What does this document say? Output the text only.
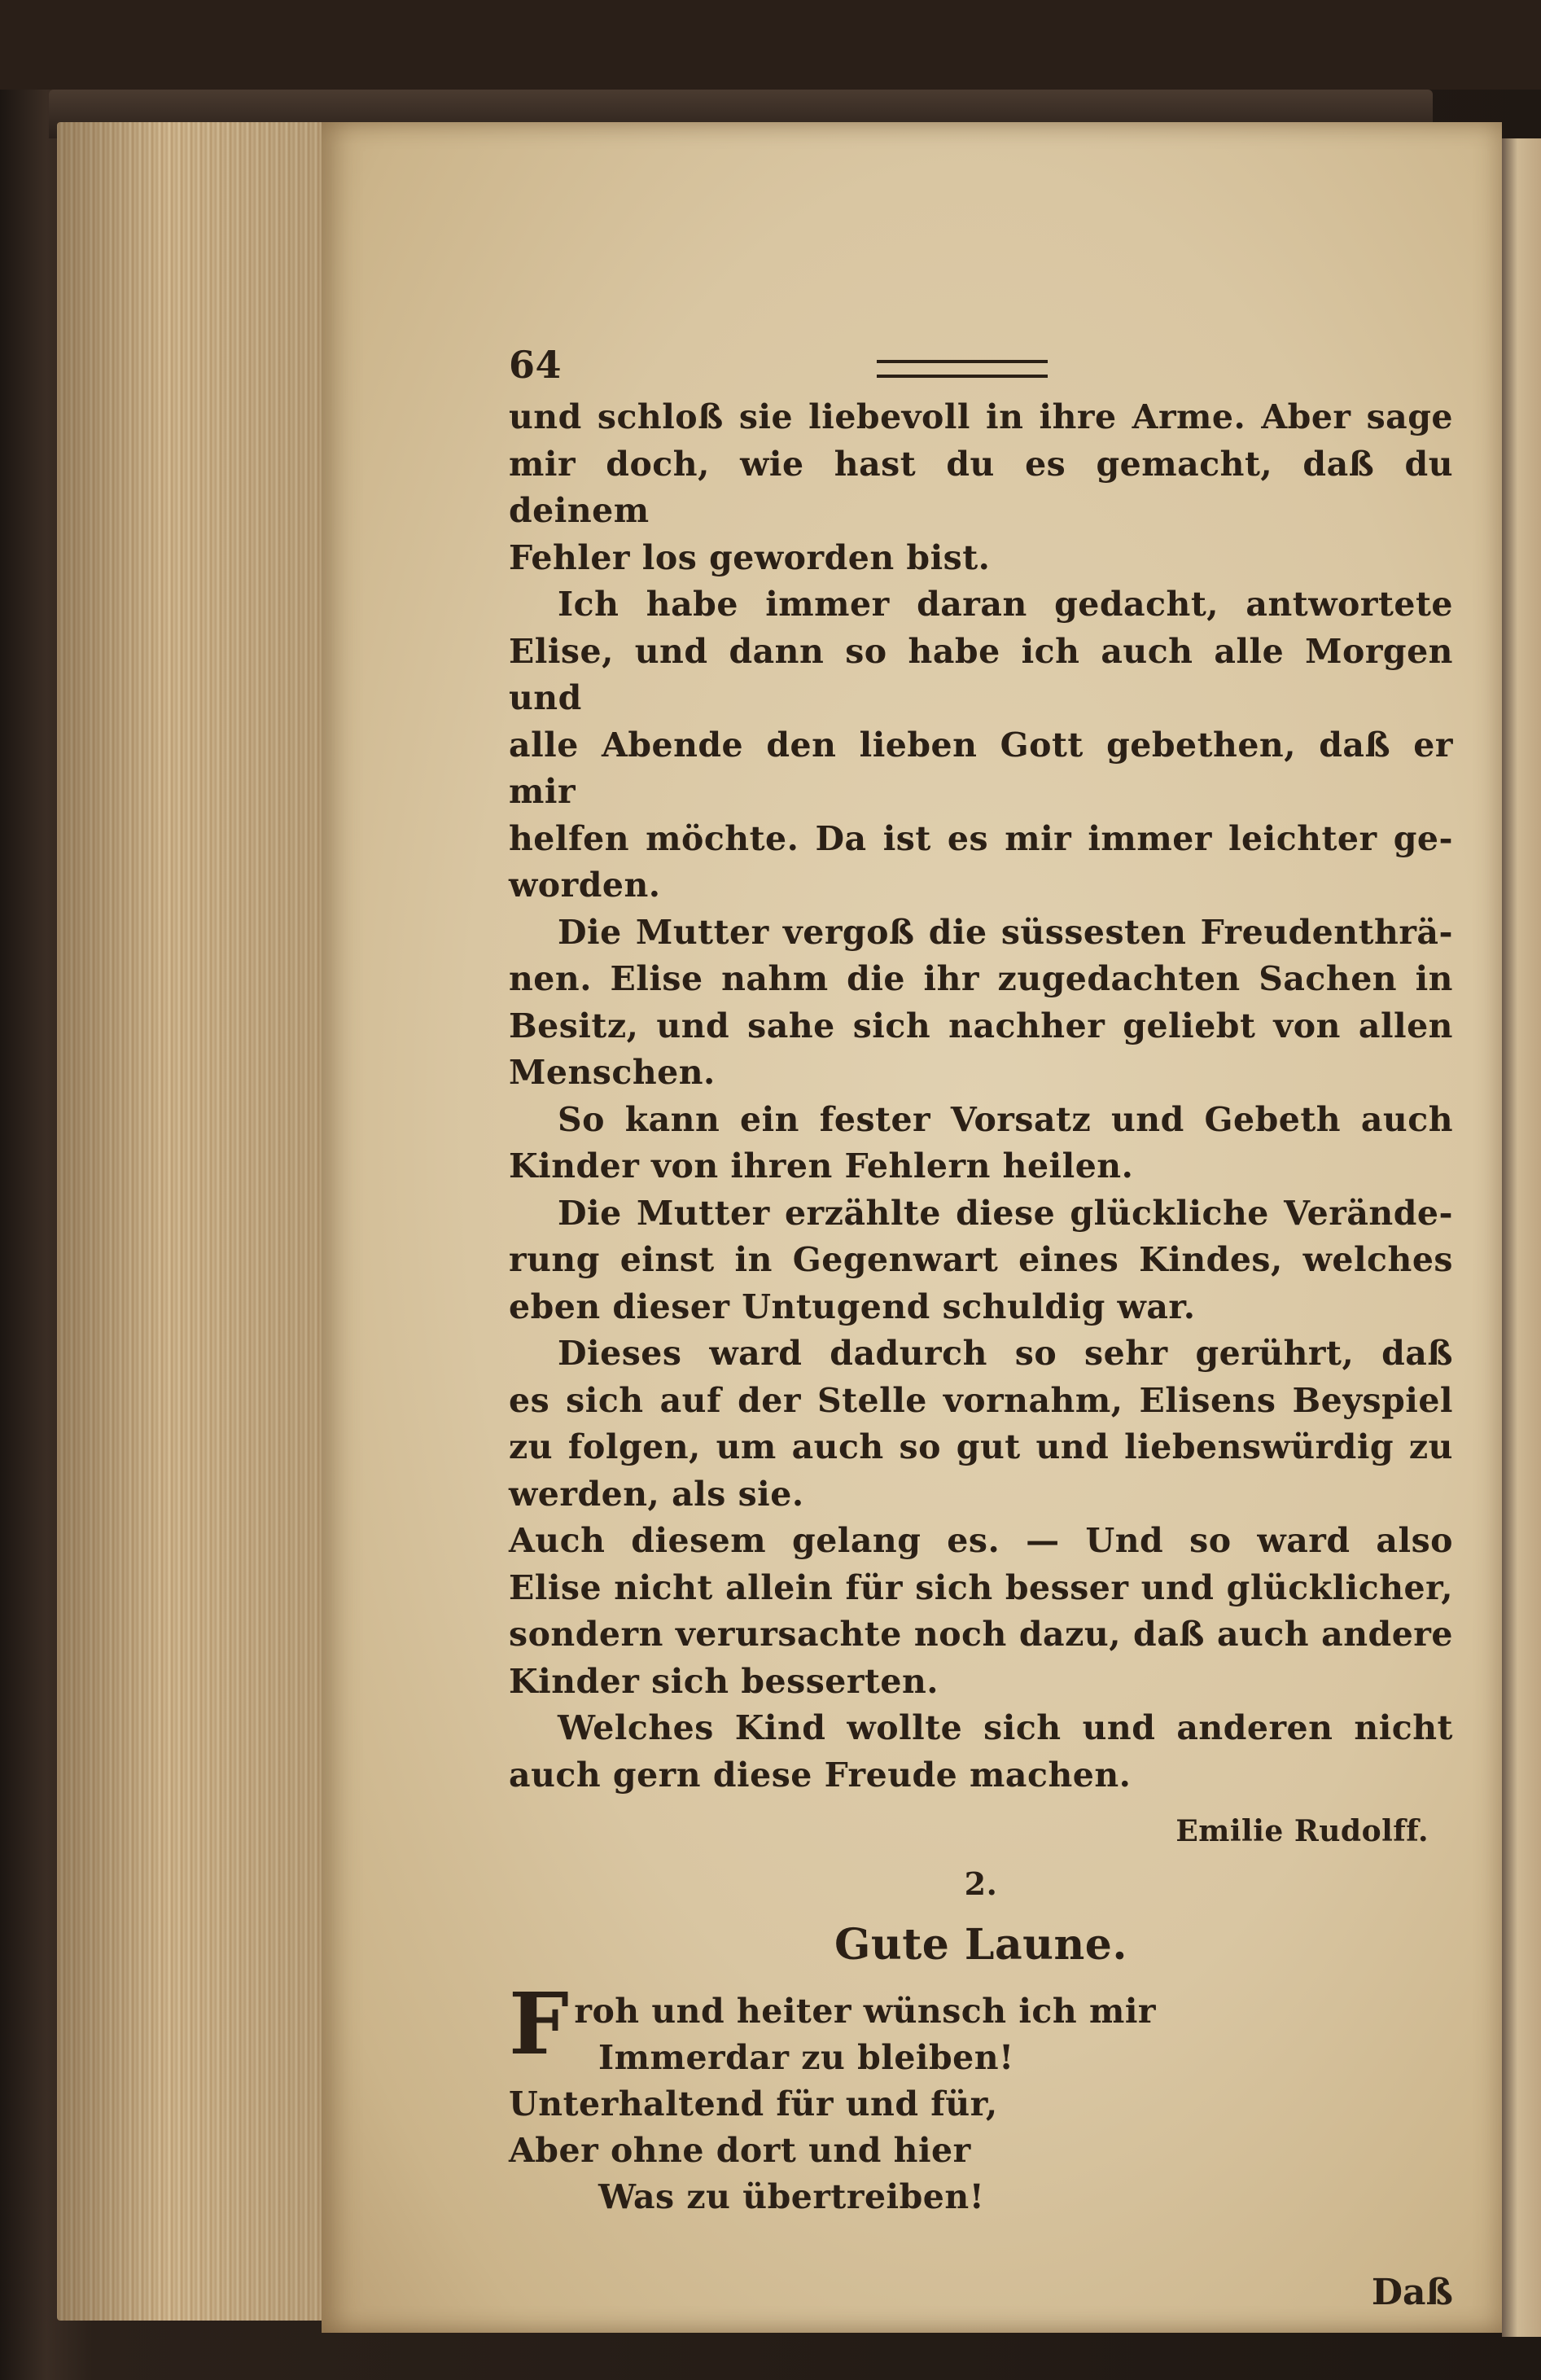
64
und schloß sie liebevoll in ihre Arme. Aber sage
mir doch, wie hast du es gemacht, daß du deinem
Fehler los geworden bist.
Ich habe immer daran gedacht, antwortete
Elise, und dann so habe ich auch alle Morgen und
alle Abende den lieben Gott gebethen, daß er mir
helfen möchte. Da ist es mir immer leichter ge-
worden.
Die Mutter vergoß die süssesten Freudenthrä-
nen. Elise nahm die ihr zugedachten Sachen in
Besitz, und sahe sich nachher geliebt von allen
Menschen.
So kann ein fester Vorsatz und Gebeth auch
Kinder von ihren Fehlern heilen.
Die Mutter erzählte diese glückliche Verände-
rung einst in Gegenwart eines Kindes, welches
eben dieser Untugend schuldig war.
Dieses ward dadurch so sehr gerührt, daß
es sich auf der Stelle vornahm, Elisens Beyspiel
zu folgen, um auch so gut und liebenswürdig zu
werden, als sie.
Auch diesem gelang es. — Und so ward also
Elise nicht allein für sich besser und glücklicher,
sondern verursachte noch dazu, daß auch andere
Kinder sich besserten.
Welches Kind wollte sich und anderen nicht
auch gern diese Freude machen.
Emilie Rudolff.
2.
Gute Laune.
F roh und heiter wünsch ich mir
Immerdar zu bleiben!
Unterhaltend für und für,
Aber ohne dort und hier
Was zu übertreiben!
Daß
